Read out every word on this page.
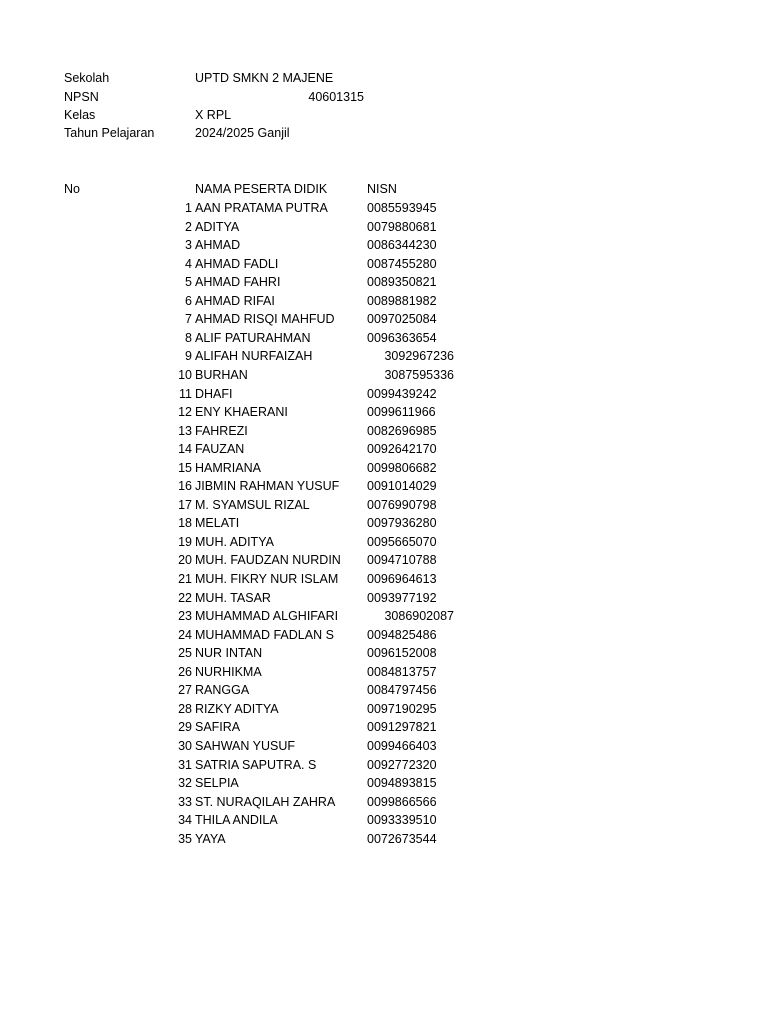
Sekolah	UPTD SMKN 2 MAJENE
NPSN	40601315
Kelas	X RPL
Tahun Pelajaran	2024/2025 Ganjil
No	NAMA PESERTA DIDIK	NISN
1 AAN PRATAMA PUTRA	0085593945
2 ADITYA	0079880681
3 AHMAD	0086344230
4 AHMAD FADLI	0087455280
5 AHMAD FAHRI	0089350821
6 AHMAD RIFAI	0089881982
7 AHMAD RISQI MAHFUD	0097025084
8 ALIF PATURAHMAN	0096363654
9 ALIFAH NURFAIZAH	3092967236
10 BURHAN	3087595336
11 DHAFI	0099439242
12 ENY KHAERANI	0099611966
13 FAHREZI	0082696985
14 FAUZAN	0092642170
15 HAMRIANA	0099806682
16 JIBMIN RAHMAN YUSUF 0091014029
17 M. SYAMSUL RIZAL	0076990798
18 MELATI	0097936280
19 MUH. ADITYA	0095665070
20 MUH. FAUDZAN NURDIN 0094710788
21 MUH. FIKRY NUR ISLAM 0096964613
22 MUH. TASAR	0093977192
23 MUHAMMAD ALGHIFARI	3086902087
24 MUHAMMAD FADLAN S	0094825486
25 NUR INTAN	0096152008
26 NURHIKMA	0084813757
27 RANGGA	0084797456
28 RIZKY ADITYA	0097190295
29 SAFIRA	0091297821
30 SAHWAN YUSUF	0099466403
31 SATRIA SAPUTRA. S	0092772320
32 SELPIA	0094893815
33 ST. NURAQILAH ZAHRA	0099866566
34 THILA ANDILA	0093339510
35 YAYA	0072673544
